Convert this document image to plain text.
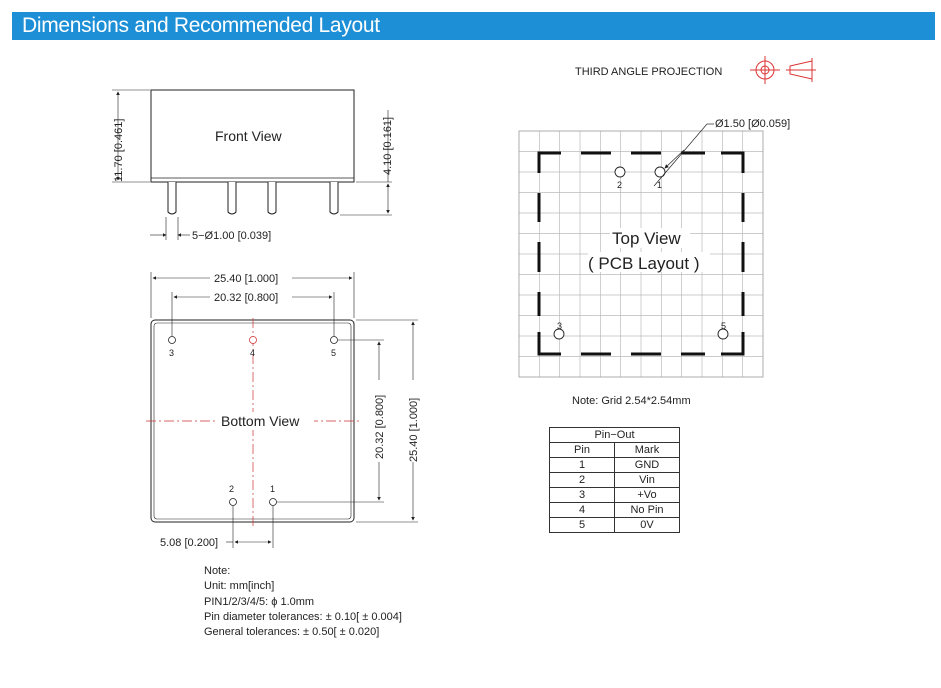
Dimensions and Recommended Layout
THIRD ANGLE PROJECTION
Front View
11.70 [0.461]	4.10 [0.161]
5−Ø1.00 [0.039]
Bottom View
3	4	5
2	1
25.40 [1.000]
20.32 [0.800]
20.32 [0.800] 25.40 [1.000]
5.08 [0.200]
2	1
3	5
Ø1.50 [Ø0.059]
Top View
( PCB Layout )
Note: Grid 2.54*2.54mm
Pin−Out	
Pin	Mark
1	GND
2	Vin
3	+Vo
4	No Pin
5	0V
Note:
Unit: mm[inch]
PIN1/2/3/4/5: ϕ 1.0mm
Pin diameter tolerances: ± 0.10[ ± 0.004]
General tolerances: ± 0.50[ ± 0.020]
